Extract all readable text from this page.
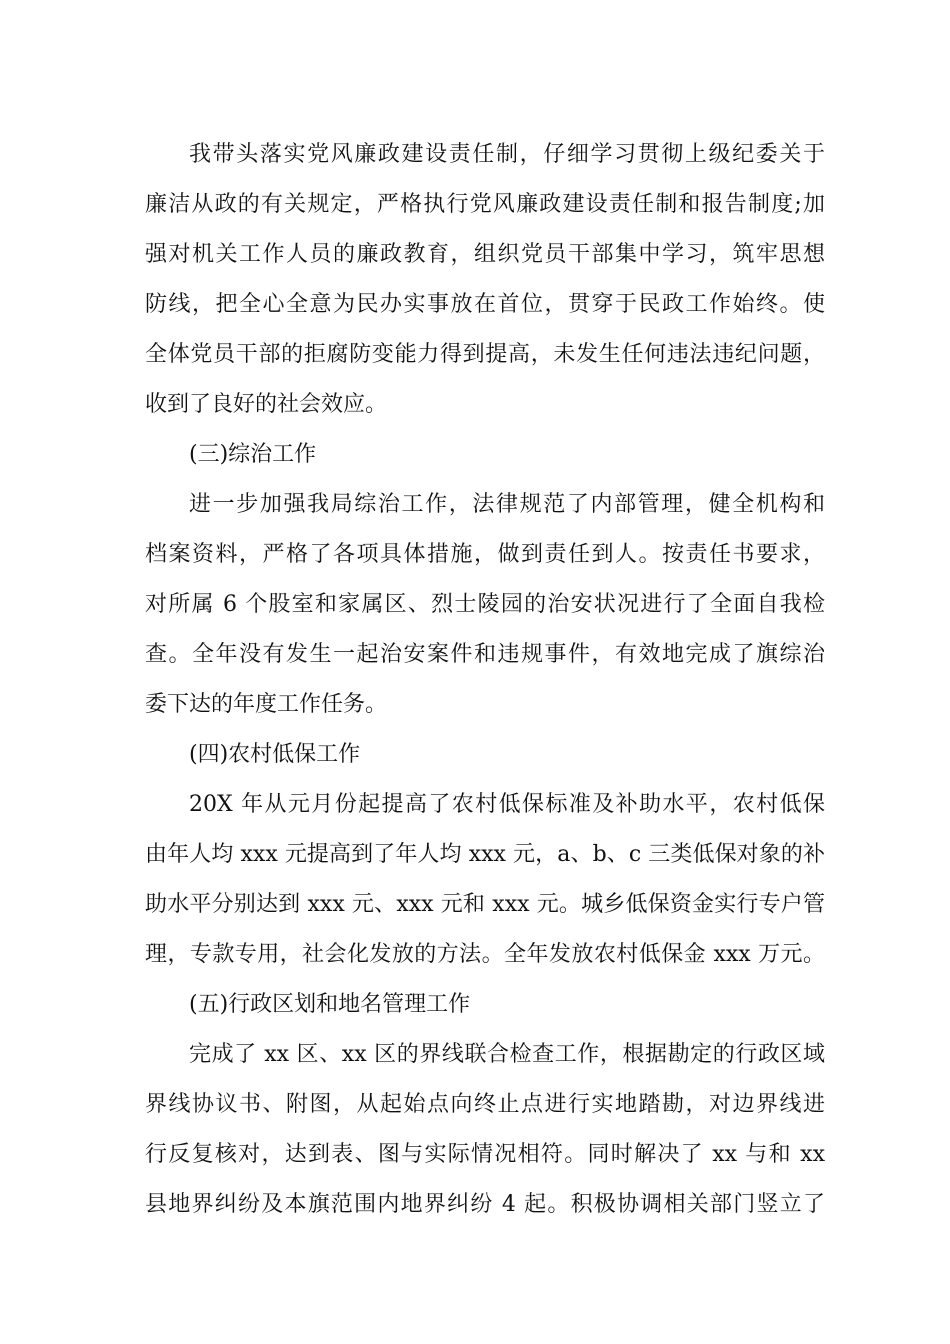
我带头落实党风廉政建设责任制，仔细学习贯彻上级纪委关于
廉洁从政的有关规定，严格执行党风廉政建设责任制和报告制度;加
强对机关工作人员的廉政教育，组织党员干部集中学习，筑牢思想
防线，把全心全意为民办实事放在首位，贯穿于民政工作始终。使
全体党员干部的拒腐防变能力得到提高，未发生任何违法违纪问题，
收到了良好的社会效应。
(三)综治工作
进一步加强我局综治工作，法律规范了内部管理，健全机构和
档案资料，严格了各项具体措施，做到责任到人。按责任书要求，
对所属 6 个股室和家属区、烈士陵园的治安状况进行了全面自我检
查。全年没有发生一起治安案件和违规事件，有效地完成了旗综治
委下达的年度工作任务。
(四)农村低保工作
20X 年从元月份起提高了农村低保标准及补助水平，农村低保
由年人均 xxx 元提高到了年人均 xxx 元，a、b、c 三类低保对象的补
助水平分别达到 xxx 元、xxx 元和 xxx 元。城乡低保资金实行专户管
理，专款专用，社会化发放的方法。全年发放农村低保金 xxx 万元。
(五)行政区划和地名管理工作
完成了 xx 区、xx 区的界线联合检查工作，根据勘定的行政区域
界线协议书、附图，从起始点向终止点进行实地踏勘，对边界线进
行反复核对，达到表、图与实际情况相符。同时解决了 xx 与和 xx
县地界纠纷及本旗范围内地界纠纷 4 起。积极协调相关部门竖立了
